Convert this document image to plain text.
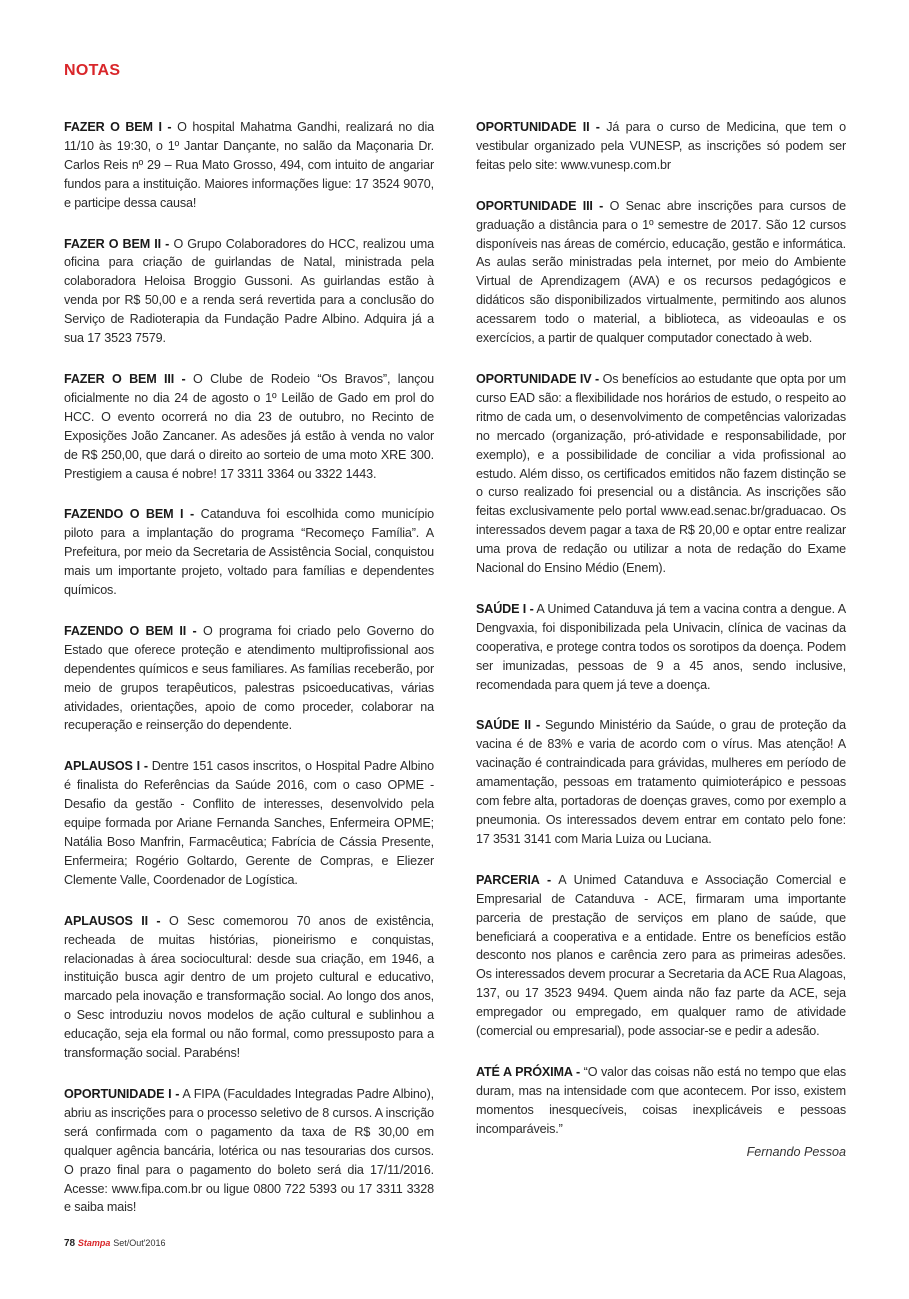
NOTAS

FAZER O BEM I - O hospital Mahatma Gandhi, realizará no dia 11/10 às 19:30, o 1º Jantar Dançante, no salão da Maçonaria Dr. Carlos Reis nº 29 – Rua Mato Grosso, 494, com intuito de angariar fundos para a instituição. Maiores informações ligue: 17 3524 9070, e participe dessa causa!

FAZER O BEM II - O Grupo Colaboradores do HCC, realizou uma oficina para criação de guirlandas de Natal, ministrada pela colaboradora Heloisa Broggio Gussoni. As guirlandas estão à venda por R$ 50,00 e a renda será revertida para a conclusão do Serviço de Radioterapia da Fundação Padre Albino. Adquira já a sua 17 3523 7579.

FAZER O BEM III - O Clube de Rodeio “Os Bravos”, lançou oficialmente no dia 24 de agosto o 1º Leilão de Gado em prol do HCC. O evento ocorrerá no dia 23 de outubro, no Recinto de Exposições João Zancaner. As adesões já estão à venda no valor de R$ 250,00, que dará o direito ao sorteio de uma moto XRE 300. Prestigiem a causa é nobre! 17 3311 3364 ou 3322 1443.

FAZENDO O BEM I - Catanduva foi escolhida como município piloto para a implantação do programa “Recomeço Família”. A Prefeitura, por meio da Secretaria de Assistência Social, conquistou mais um importante projeto, voltado para famílias e dependentes químicos.

FAZENDO O BEM II - O programa foi criado pelo Governo do Estado que oferece proteção e atendimento multiprofissional aos dependentes químicos e seus familiares. As famílias receberão, por meio de grupos terapêuticos, palestras psicoeducativas, várias atividades, orientações, apoio de como proceder, colaborar na recuperação e reinserção do dependente.

APLAUSOS I - Dentre 151 casos inscritos, o Hospital Padre Albino é finalista do Referências da Saúde 2016, com o caso OPME - Desafio da gestão - Conflito de interesses, desenvolvido pela equipe formada por Ariane Fernanda Sanches, Enfermeira OPME; Natália Boso Manfrin, Farmacêutica; Fabrícia de Cássia Presente, Enfermeira; Rogério Goltardo, Gerente de Compras, e Eliezer Clemente Valle, Coordenador de Logística.

APLAUSOS II - O Sesc comemorou 70 anos de existência, recheada de muitas histórias, pioneirismo e conquistas, relacionadas à área sociocultural: desde sua criação, em 1946, a instituição busca agir dentro de um projeto cultural e educativo, marcado pela inovação e transformação social. Ao longo dos anos, o Sesc introduziu novos modelos de ação cultural e sublinhou a educação, seja ela formal ou não formal, como pressuposto para a transformação social. Parabéns!

OPORTUNIDADE I - A FIPA (Faculdades Integradas Padre Albino), abriu as inscrições para o processo seletivo de 8 cursos. A inscrição será confirmada com o pagamento da taxa de R$ 30,00 em qualquer agência bancária, lotérica ou nas tesourarias dos cursos. O prazo final para o pagamento do boleto será dia 17/11/2016. Acesse: www.fipa.com.br ou ligue 0800 722 5393 ou 17 3311 3328 e saiba mais!

OPORTUNIDADE II - Já para o curso de Medicina, que tem o vestibular organizado pela VUNESP, as inscrições só podem ser feitas pelo site: www.vunesp.com.br

OPORTUNIDADE III - O Senac abre inscrições para cursos de graduação a distância para o 1º semestre de 2017. São 12 cursos disponíveis nas áreas de comércio, educação, gestão e informática. As aulas serão ministradas pela internet, por meio do Ambiente Virtual de Aprendizagem (AVA) e os recursos pedagógicos e didáticos são disponibilizados virtualmente, permitindo aos alunos acessarem todo o material, a biblioteca, as videoaulas e os exercícios, a partir de qualquer computador conectado à web.

OPORTUNIDADE IV - Os benefícios ao estudante que opta por um curso EAD são: a flexibilidade nos horários de estudo, o respeito ao ritmo de cada um, o desenvolvimento de competências valorizadas no mercado (organização, pró-atividade e responsabilidade, por exemplo), e a possibilidade de conciliar a vida profissional ao estudo. Além disso, os certificados emitidos não fazem distinção se o curso realizado foi presencial ou a distância. As inscrições são feitas exclusivamente pelo portal www.ead.senac.br/graduacao. Os interessados devem pagar a taxa de R$ 20,00 e optar entre realizar uma prova de redação ou utilizar a nota de redação do Exame Nacional do Ensino Médio (Enem).

SAÚDE I - A Unimed Catanduva já tem a vacina contra a dengue. A Dengvaxia, foi disponibilizada pela Univacin, clínica de vacinas da cooperativa, e protege contra todos os sorotipos da doença. Podem ser imunizadas, pessoas de 9 a 45 anos, sendo inclusive, recomendada para quem já teve a doença.

SAÚDE II - Segundo Ministério da Saúde, o grau de proteção da vacina é de 83% e varia de acordo com o vírus. Mas atenção! A vacinação é contraindicada para grávidas, mulheres em período de amamentação, pessoas em tratamento quimioterápico e pessoas com febre alta, portadoras de doenças graves, como por exemplo a pneumonia. Os interessados devem entrar em contato pelo fone: 17 3531 3141 com Maria Luiza ou Luciana.

PARCERIA - A Unimed Catanduva e Associação Comercial e Empresarial de Catanduva - ACE, firmaram uma importante parceria de prestação de serviços em plano de saúde, que beneficiará a cooperativa e a entidade. Entre os benefícios estão desconto nos planos e carência zero para as primeiras adesões. Os interessados devem procurar a Secretaria da ACE Rua Alagoas, 137, ou 17 3523 9494. Quem ainda não faz parte da ACE, seja empregador ou empregado, em qualquer ramo de atividade (comercial ou empresarial), pode associar-se e pedir a adesão.

ATÉ A PRÓXIMA - “O valor das coisas não está no tempo que elas duram, mas na intensidade com que acontecem. Por isso, existem momentos inesquecíveis, coisas inexplicáveis e pessoas incomparáveis.”

Fernando Pessoa
78 Stampa Set/Out'2016
